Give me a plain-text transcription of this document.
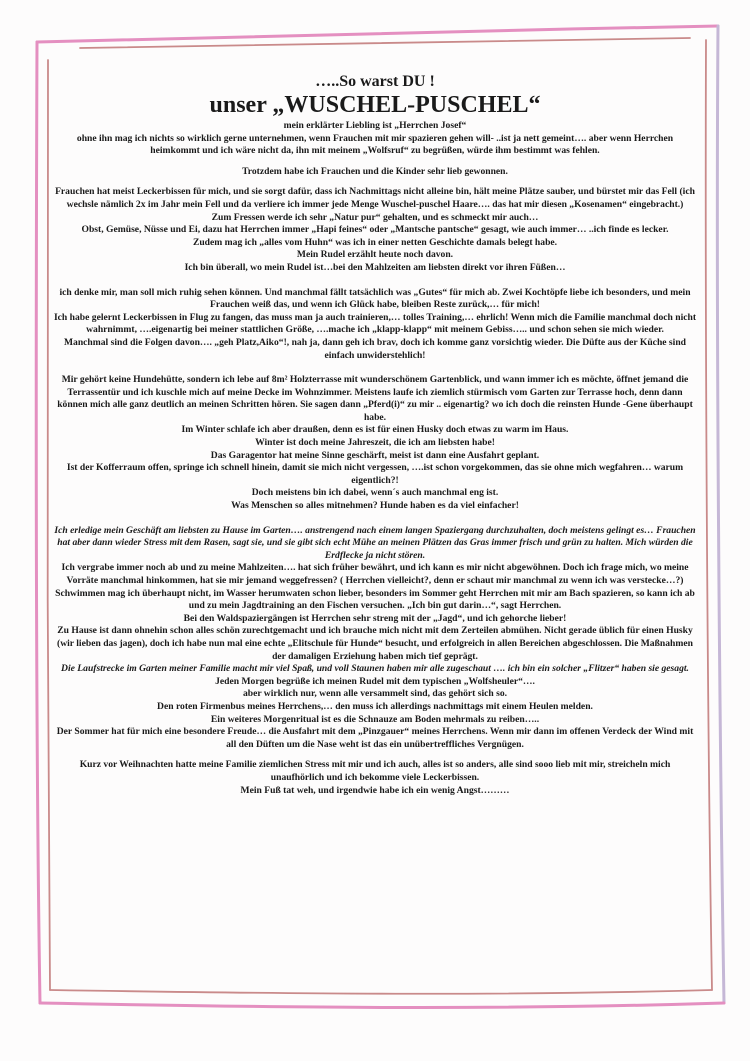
…..So warst DU !
unser „WUSCHEL-PUSCHEL“

mein erklärter Liebling ist „Herrchen Josef“

ohne ihn mag ich nichts so wirklich gerne unternehmen, wenn Frauchen mit mir spazieren gehen will- ..ist ja nett gemeint…. aber wenn Herrchen heimkommt und ich wäre nicht da, ihn mit meinem „Wolfsruf“ zu begrüßen, würde ihm bestimmt was fehlen.

Trotzdem habe ich Frauchen und die Kinder sehr lieb gewonnen.

Frauchen hat meist Leckerbissen für mich, und sie sorgt dafür, dass ich Nachmittags nicht alleine bin, hält meine Plätze sauber, und bürstet mir das Fell (ich wechsle nämlich 2x im Jahr mein Fell und da verliere ich immer jede Menge Wuschel-puschel Haare…. das hat mir diesen „Kosenamen“ eingebracht.)

Zum Fressen werde ich sehr „Natur pur“ gehalten, und es schmeckt mir auch…

Obst, Gemüse, Nüsse und Ei, dazu hat Herrchen immer „Hapi feines“ oder „Mantsche pantsche“ gesagt, wie auch immer… ..ich finde es lecker.

Zudem mag ich „alles vom Huhn“ was ich in einer netten Geschichte damals belegt habe.

Mein Rudel erzählt heute noch davon.

Ich bin überall, wo mein Rudel ist…bei den Mahlzeiten am liebsten direkt vor ihren Füßen…

ich denke mir, man soll mich ruhig sehen können. Und manchmal fällt tatsächlich was „Gutes“ für mich ab. Zwei Kochtöpfe liebe ich besonders, und mein Frauchen weiß das, und wenn ich Glück habe, bleiben Reste zurück,… für mich!

Ich habe gelernt Leckerbissen in Flug zu fangen, das muss man ja auch trainieren,… tolles Training,… ehrlich! Wenn mich die Familie manchmal doch nicht wahrnimmt, ….eigenartig bei meiner stattlichen Größe, ….mache ich „klapp-klapp“ mit meinem Gebiss….. und schon sehen sie mich wieder.

Manchmal sind die Folgen davon…. „geh Platz,Aiko“!, nah ja, dann geh ich brav, doch ich komme ganz vorsichtig wieder. Die Düfte aus der Küche sind einfach unwiderstehlich!

Mir gehört keine Hundehütte, sondern ich lebe auf 8m² Holzterrasse mit wunderschönem Gartenblick, und wann immer ich es möchte, öffnet jemand die Terrassentür und ich kuschle mich auf meine Decke im Wohnzimmer. Meistens laufe ich ziemlich stürmisch vom Garten zur Terrasse hoch, denn dann können mich alle ganz deutlich an meinen Schritten hören. Sie sagen dann „Pferd(i)“ zu mir .. eigenartig? wo ich doch die reinsten Hunde -Gene überhaupt habe.

Im Winter schlafe ich aber draußen, denn es ist für einen Husky doch etwas zu warm im Haus.

Winter ist doch meine Jahreszeit, die ich am liebsten habe!

Das Garagentor hat meine Sinne geschärft, meist ist dann eine Ausfahrt geplant.

Ist der Kofferraum offen, springe ich schnell hinein, damit sie mich nicht vergessen, ….ist schon vorgekommen, das sie ohne mich wegfahren… warum eigentlich?!

Doch meistens bin ich dabei, wenn´s auch manchmal eng ist.

Was Menschen so alles mitnehmen? Hunde haben es da viel einfacher!

Ich erledige mein Geschäft am liebsten zu Hause im Garten…. anstrengend nach einem langen Spaziergang durchzuhalten, doch meistens gelingt es… Frauchen hat aber dann wieder Stress mit dem Rasen, sagt sie, und sie gibt sich echt Mühe an meinen Plätzen das Gras immer frisch und grün zu halten. Mich würden die Erdflecke ja nicht stören.

Ich vergrabe immer noch ab und zu meine Mahlzeiten…. hat sich früher bewährt, und ich kann es mir nicht abgewöhnen. Doch ich frage mich, wo meine Vorräte manchmal hinkommen, hat sie mir jemand weggefressen? ( Herrchen vielleicht?, denn er schaut mir manchmal zu wenn ich was verstecke…?)

Schwimmen mag ich überhaupt nicht, im Wasser herumwaten schon lieber, besonders im Sommer geht Herrchen mit mir am Bach spazieren, so kann ich ab und zu mein Jagdtraining an den Fischen versuchen. „Ich bin gut darin…“, sagt Herrchen.

Bei den Waldspaziergängen ist Herrchen sehr streng mit der „Jagd“, und ich gehorche lieber!

Zu Hause ist dann ohnehin schon alles schön zurechtgemacht und ich brauche mich nicht mit dem Zerteilen abmühen. Nicht gerade üblich für einen Husky (wir lieben das jagen), doch ich habe nun mal eine echte „Elitschule für Hunde“ besucht, und erfolgreich in allen Bereichen abgeschlossen. Die Maßnahmen der damaligen Erziehung haben mich tief geprägt.

Die Laufstrecke im Garten meiner Familie macht mir viel Spaß, und voll Staunen haben mir alle zugeschaut …. ich bin ein solcher „Flitzer“ haben sie gesagt.

Jeden Morgen begrüße ich meinen Rudel mit dem typischen „Wolfsheuler“….

aber wirklich nur, wenn alle versammelt sind, das gehört sich so.

Den roten Firmenbus meines Herrchens,… den muss ich allerdings nachmittags mit einem Heulen melden.

Ein weiteres Morgenritual ist es die Schnauze am Boden mehrmals zu reiben…..

Der Sommer hat für mich eine besondere Freude… die Ausfahrt mit dem „Pinzgauer“ meines Herrchens. Wenn mir dann im offenen Verdeck der Wind mit all den Düften um die Nase weht ist das ein unübertreffliches Vergnügen.

Kurz vor Weihnachten hatte meine Familie ziemlichen Stress mit mir und ich auch, alles ist so anders, alle sind sooo lieb mit mir, streicheln mich unaufhörlich und ich bekomme viele Leckerbissen.

Mein Fuß tat weh, und irgendwie habe ich ein wenig Angst………
